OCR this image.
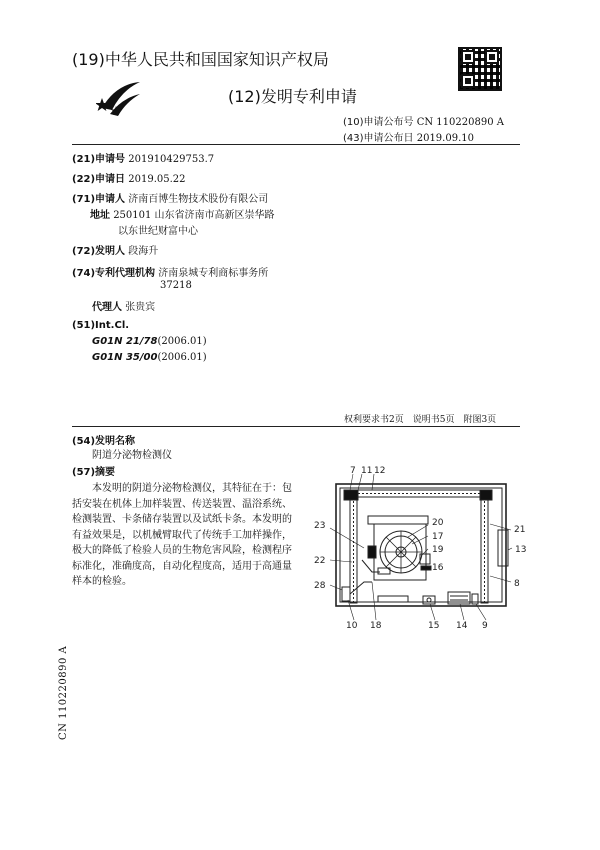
(19)中华人民共和国国家知识产权局
(12)发明专利申请
(10)申请公布号 CN 110220890 A
(43)申请公布日 2019.09.10
(21)申请号 201910429753.7
(22)申请日 2019.05.22
(71)申请人 济南百博生物技术股份有限公司
地址 250101 山东省济南市高新区崇华路
以东世纪财富中心
(72)发明人 段海升
(74)专利代理机构 济南泉城专利商标事务所
37218
代理人 张贵宾
(51)Int.Cl.
G01N 21/78(2006.01)
G01N 35/00(2006.01)
权利要求书2页　说明书5页　附图3页
(54)发明名称
阴道分泌物检测仪
(57)摘要

本发明的阴道分泌物检测仪，其特征在于：包括安装在机体上加样装置、传送装置、温浴系统、检测装置、卡条储存装置以及试纸卡条。本发明的有益效果是，以机械臂取代了传统手工加样操作，极大的降低了检验人员的生物危害风险，检测程序标准化，准确度高，自动化程度高，适用于高通量样本的检验。

7 11 12
20
21
17
13
19
23
16
22
8
28
10 18	15 14 9
CN 110220890 A
